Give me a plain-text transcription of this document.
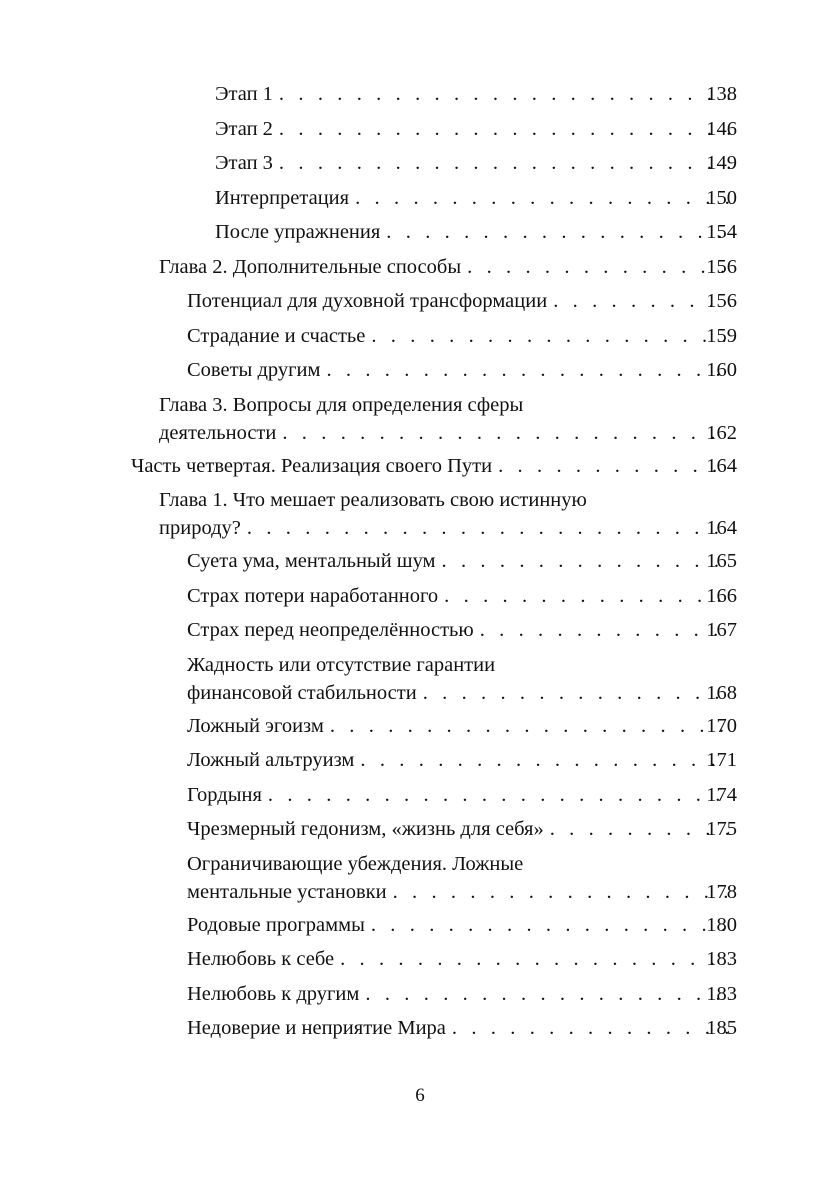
Этап 1 . . .	138
Этап 2 . . .	146
Этап 3 . . .	149
Интерпретация . . .	150
После упражнения . . .	154
Глава 2. Дополнительные способы . . .	156
Потенциал для духовной трансформации . . .	156
Страдание и счастье . . .	159
Советы другим . . .	160
Глава 3. Вопросы для определения сферы
деятельности . . .	162
Часть четвертая. Реализация своего Пути . . .	164
Глава 1. Что мешает реализовать свою истинную
природу? . . .	164
Суета ума, ментальный шум . . .	165
Страх потери наработанного . . .	166
Страх перед неопределённостью . . .	167
Жадность или отсутствие гарантии
финансовой стабильности . . .	168
Ложный эгоизм . . .	170
Ложный альтруизм . . .	171
Гордыня . . .	174
Чрезмерный гедонизм, «жизнь для себя» . . .	175
Ограничивающие убеждения. Ложные
ментальные установки . . .	178
Родовые программы . . .	180
Нелюбовь к себе . . .	183
Нелюбовь к другим . . .	183
Недоверие и неприятие Мира . . .	185
6
